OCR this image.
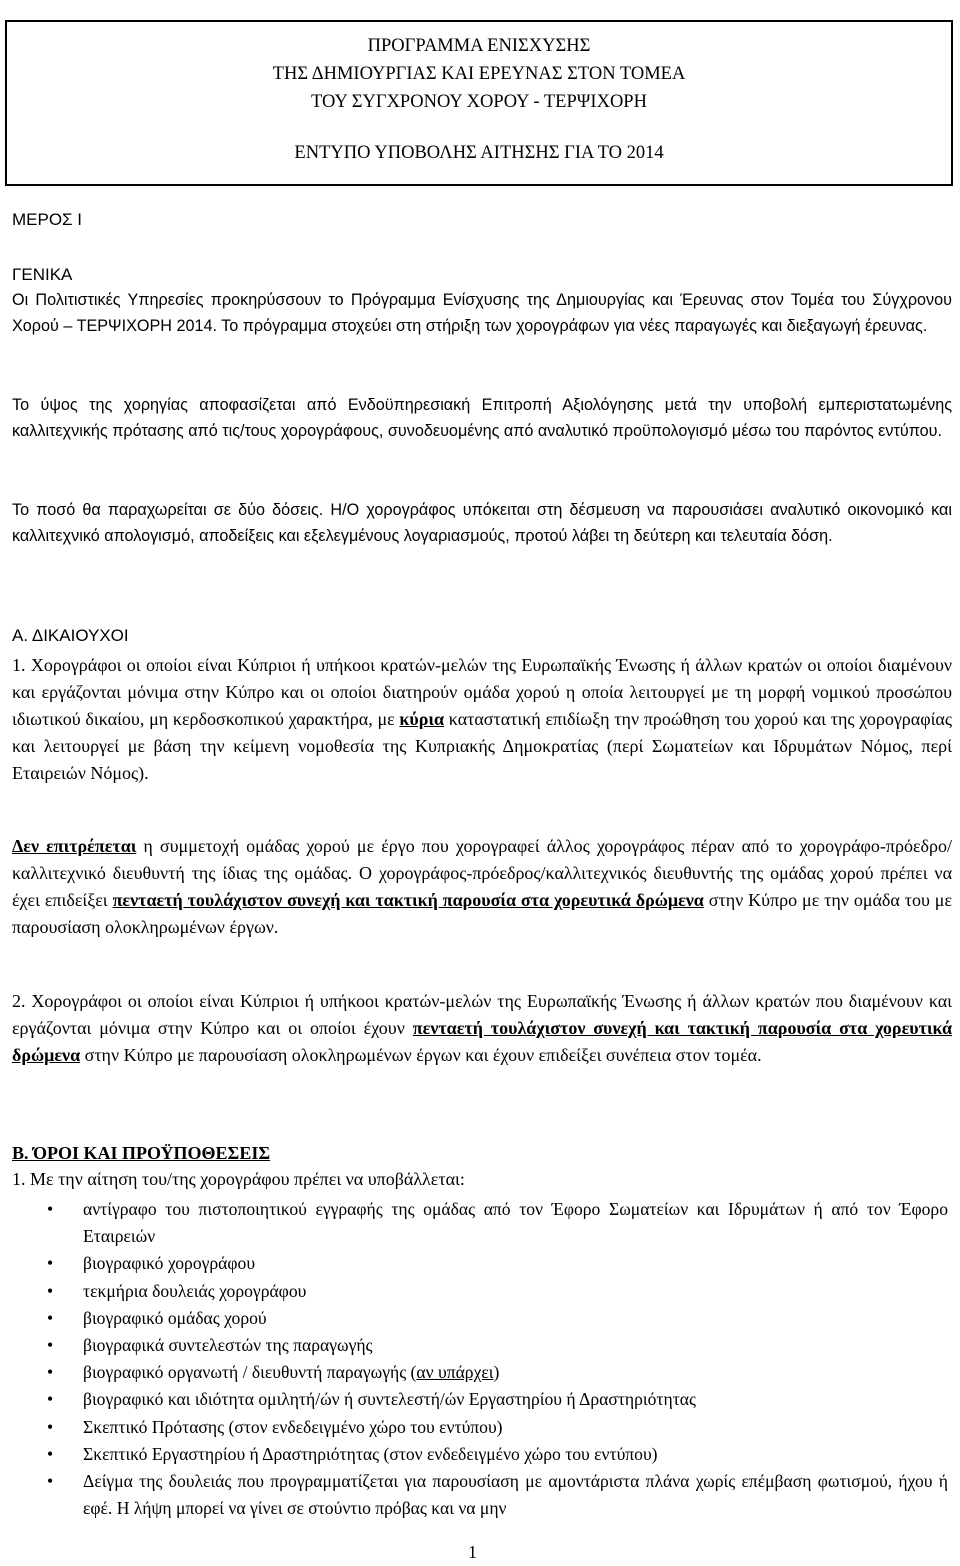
ΠΡΟΓΡΑΜΜΑ ΕΝΙΣΧΥΣΗΣ
ΤΗΣ ΔΗΜΙΟΥΡΓΙΑΣ ΚΑΙ ΕΡΕΥΝΑΣ ΣΤΟΝ ΤΟΜΕΑ
ΤΟΥ ΣΥΓΧΡΟΝΟΥ ΧΟΡΟΥ - ΤΕΡΨΙΧΟΡΗ
ΕΝΤΥΠΟ ΥΠΟΒΟΛΗΣ ΑΙΤΗΣΗΣ ΓΙΑ ΤΟ 2014
ΜΕΡΟΣ Ι
ΓΕΝΙΚΑ
Οι Πολιτιστικές Υπηρεσίες προκηρύσσουν το Πρόγραμμα Ενίσχυσης της Δημιουργίας και Έρευνας στον Τομέα του Σύγχρονου Χορού – ΤΕΡΨΙΧΟΡΗ 2014. Το πρόγραμμα στοχεύει στη στήριξη των χορογράφων για νέες παραγωγές και διεξαγωγή έρευνας.
Το ύψος της χορηγίας αποφασίζεται από Ενδοϋπηρεσιακή Επιτροπή Αξιολόγησης μετά την υποβολή εμπεριστατωμένης καλλιτεχνικής πρότασης από τις/τους χορογράφους, συνοδευομένης από αναλυτικό προϋπολογισμό μέσω του παρόντος εντύπου.
Το ποσό θα παραχωρείται σε δύο δόσεις. Η/Ο χορογράφος υπόκειται στη δέσμευση να παρουσιάσει αναλυτικό οικονομικό και καλλιτεχνικό απολογισμό, αποδείξεις και εξελεγμένους λογαριασμούς, προτού λάβει τη δεύτερη και τελευταία δόση.
Α. ΔΙΚΑΙΟΥΧΟΙ
1. Χορογράφοι οι οποίοι είναι Κύπριοι ή υπήκοοι κρατών-μελών της Ευρωπαϊκής Ένωσης ή άλλων κρατών οι οποίοι διαμένουν και εργάζονται μόνιμα στην Κύπρο και οι οποίοι διατηρούν ομάδα χορού η οποία λειτουργεί με τη μορφή νομικού προσώπου ιδιωτικού δικαίου, μη κερδοσκοπικού χαρακτήρα, με κύρια καταστατική επιδίωξη την προώθηση του χορού και της χορογραφίας και λειτουργεί με βάση την κείμενη νομοθεσία της Κυπριακής Δημοκρατίας (περί Σωματείων και Ιδρυμάτων Νόμος, περί Εταιρειών Νόμος).
Δεν επιτρέπεται η συμμετοχή ομάδας χορού με έργο που χορογραφεί άλλος χορογράφος πέραν από το χορογράφο-πρόεδρο/καλλιτεχνικό διευθυντή της ίδιας της ομάδας. Ο χορογράφος-πρόεδρος/καλλιτεχνικός διευθυντής της ομάδας χορού πρέπει να έχει επιδείξει πενταετή τουλάχιστον συνεχή και τακτική παρουσία στα χορευτικά δρώμενα στην Κύπρο με την ομάδα του με παρουσίαση ολοκληρωμένων έργων.
2. Χορογράφοι οι οποίοι είναι Κύπριοι ή υπήκοοι κρατών-μελών της Ευρωπαϊκής Ένωσης ή άλλων κρατών που διαμένουν και εργάζονται μόνιμα στην Κύπρο και οι οποίοι έχουν πενταετή τουλάχιστον συνεχή και τακτική παρουσία στα χορευτικά δρώμενα στην Κύπρο με παρουσίαση ολοκληρωμένων έργων και έχουν επιδείξει συνέπεια στον τομέα.
Β. ΌΡΟΙ ΚΑΙ ΠΡΟΫΠΟΘΕΣΕΙΣ
1. Με την αίτηση του/της χορογράφου πρέπει να υποβάλλεται:
• αντίγραφο του πιστοποιητικού εγγραφής της ομάδας από τον Έφορο Σωματείων και Ιδρυμάτων ή από τον Έφορο Εταιρειών
• βιογραφικό χορογράφου
• τεκμήρια δουλειάς χορογράφου
• βιογραφικό ομάδας χορού
• βιογραφικά συντελεστών της παραγωγής
• βιογραφικό οργανωτή / διευθυντή παραγωγής (αν υπάρχει)
• βιογραφικό και ιδιότητα ομιλητή/ών ή συντελεστή/ών Εργαστηρίου ή Δραστηριότητας
• Σκεπτικό Πρότασης (στον ενδεδειγμένο χώρο του εντύπου)
• Σκεπτικό Εργαστηρίου ή Δραστηριότητας (στον ενδεδειγμένο χώρο του εντύπου)
• Δείγμα της δουλειάς που προγραμματίζεται για παρουσίαση με αμοντάριστα πλάνα χωρίς επέμβαση φωτισμού, ήχου ή εφέ. Η λήψη μπορεί να γίνει σε στούντιο πρόβας και να μην
1
